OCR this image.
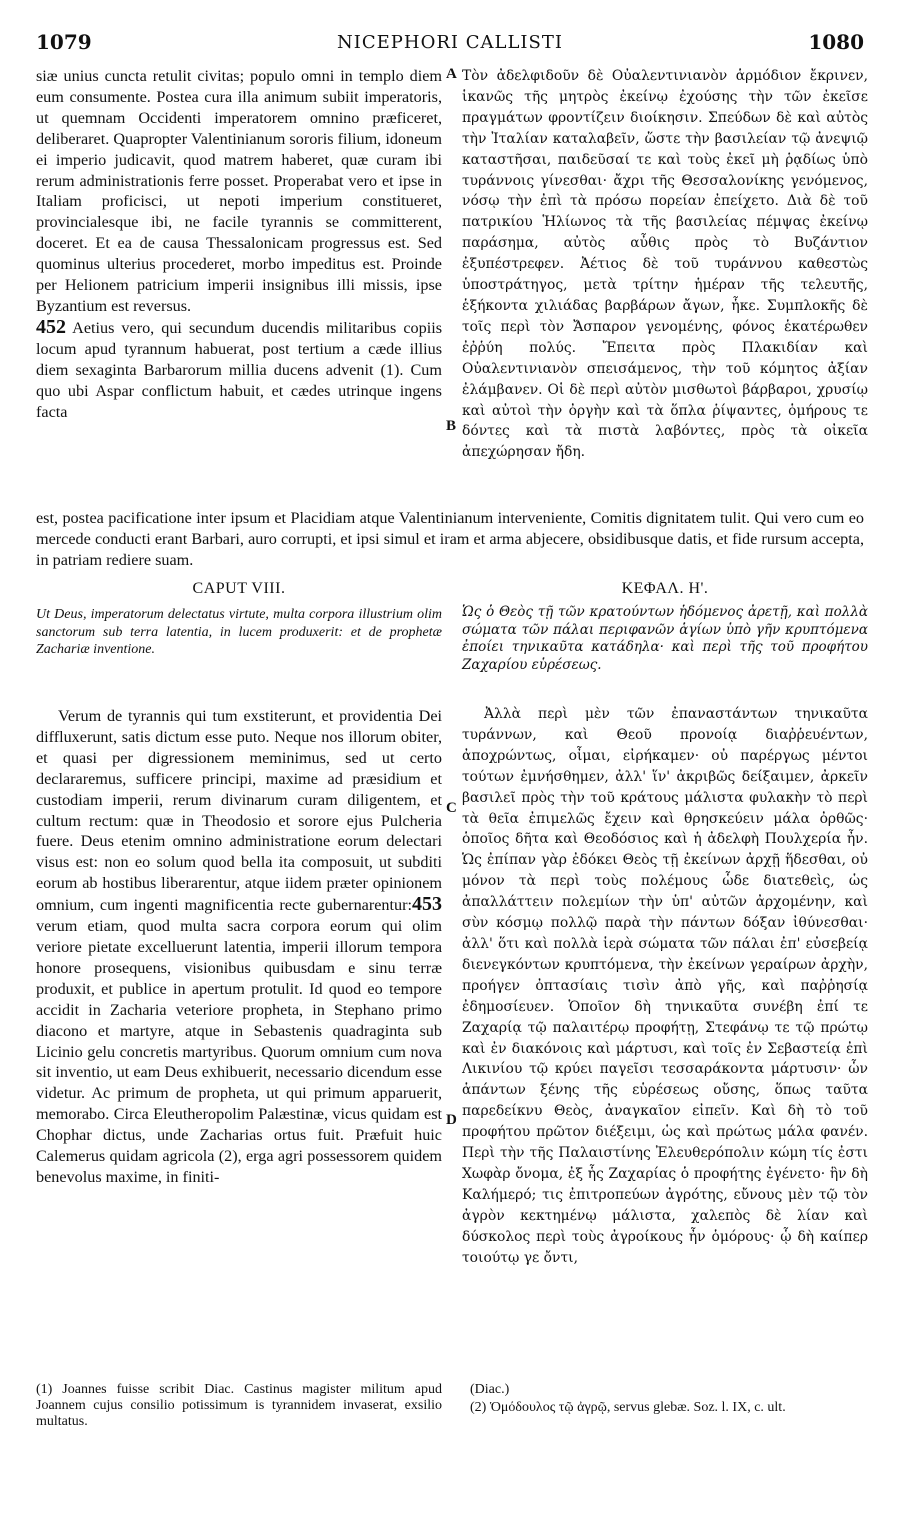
1079	NICEPHORI CALLISTI	1080

siæ unius cuncta retulit civitas; populo omni in templo diem eum consumente. Postea cura illa animum subiit imperatoris, ut quemnam Occidenti imperatorem omnino præficeret, deliberaret. Quapropter Valentinianum sororis filium, idoneum ei imperio judicavit, quod matrem haberet, quæ curam ibi rerum administrationis ferre posset. Properabat vero et ipse in Italiam proficisci, ut nepoti imperium constitueret, provincialesque ibi, ne facile tyrannis se committerent, doceret. Et ea de causa Thessalonicam progressus est. Sed quominus ulterius procederet, morbo impeditus est. Proinde per Helionem patricium imperii insignibus illi missis, ipse Byzantium est reversus.

452 Aetius vero, qui secundum ducendis militaribus copiis locum apud tyrannum habuerat, post tertium a cæde illius diem sexaginta Barbarorum millia ducens advenit (1). Cum quo ubi Aspar conflictum habuit, et cædes utrinque ingens facta

Τὸν ἀδελφιδοῦν δὲ Οὐαλεντινιανὸν ἁρμόδιον ἔκρινεν, ἱκανῶς τῆς μητρὸς ἐκείνῳ ἐχούσης τὴν τῶν ἐκεῖσε πραγμάτων φροντίζειν διοίκησιν. Σπεύδων δὲ καὶ αὐτὸς τὴν Ἰταλίαν καταλαβεῖν, ὥστε τὴν βασιλείαν τῷ ἀνεψιῷ καταστῆσαι, παιδεῦσαί τε καὶ τοὺς ἐκεῖ μὴ ῥᾳδίως ὑπὸ τυράννοις γίνεσθαι· ἄχρι τῆς Θεσσαλονίκης γενόμενος, νόσῳ τὴν ἐπὶ τὰ πρόσω πορείαν ἐπείχετο. Διὰ δὲ τοῦ πατρικίου Ἡλίωνος τὰ τῆς βασιλείας πέμψας ἐκείνῳ παράσημα, αὐτὸς αὖθις πρὸς τὸ Βυζάντιον ἐξυπέστρεφεν. Ἀέτιος δὲ τοῦ τυράννου καθεστὼς ὑποστράτηγος, μετὰ τρίτην ἡμέραν τῆς τελευτῆς, ἑξήκοντα χιλιάδας βαρβάρων ἄγων, ἧκε. Συμπλοκῆς δὲ τοῖς περὶ τὸν Ἄσπαρον γενομένης, φόνος ἑκατέρωθεν ἐῤῥύη πολύς. Ἔπειτα πρὸς Πλακιδίαν καὶ Οὐαλεντινιανὸν σπεισάμενος, τὴν τοῦ κόμητος ἀξίαν ἐλάμβανεν. Οἱ δὲ περὶ αὐτὸν μισθωτοὶ βάρβαροι, χρυσίῳ καὶ αὐτοὶ τὴν ὀργὴν καὶ τὰ ὅπλα ῥίψαντες, ὁμήρους τε δόντες καὶ τὰ πιστὰ λαβόντες, πρὸς τὰ οἰκεῖα ἀπεχώρησαν ἤδη.

A
B
est, postea pacificatione inter ipsum et Placidiam atque Valentinianum interveniente, Comitis dignitatem tulit. Qui vero cum eo mercede conducti erant Barbari, auro corrupti, et ipsi simul et iram et arma abjecere, obsidibusque datis, et fide rursum accepta, in patriam rediere suam.
CAPUT VIII.	ΚΕΦΑΛ. Η'.
Ut Deus, imperatorum delectatus virtute, multa corpora illustrium olim sanctorum sub terra latentia, in lucem produxerit: et de prophetæ Zachariæ inventione.
Ὡς ὁ Θεὸς τῇ τῶν κρατούντων ἡδόμενος ἀρετῇ, καὶ πολλὰ σώματα τῶν πάλαι περιφανῶν ἁγίων ὑπὸ γῆν κρυπτόμενα ἐποίει τηνικαῦτα κατάδηλα· καὶ περὶ τῆς τοῦ προφήτου Ζαχαρίου εὑρέσεως.

Verum de tyrannis qui tum exstiterunt, et providentia Dei diffluxerunt, satis dictum esse puto. Neque nos illorum obiter, et quasi per digressionem meminimus, sed ut certo declararemus, sufficere principi, maxime ad præsidium et custodiam imperii, rerum divinarum curam diligentem, et cultum rectum: quæ in Theodosio et sorore ejus Pulcheria fuere. Deus etenim omnino administratione eorum delectari visus est: non eo solum quod bella ita composuit, ut subditi eorum ab hostibus liberarentur, atque iidem præter opinionem omnium, cum ingenti magnificentia recte gubernarentur:453 verum etiam, quod multa sacra corpora eorum qui olim veriore pietate excelluerunt latentia, imperii illorum tempora honore prosequens, visionibus quibusdam e sinu terræ produxit, et publice in apertum protulit. Id quod eo tempore accidit in Zacharia veteriore propheta, in Stephano primo diacono et martyre, atque in Sebastenis quadraginta sub Licinio gelu concretis martyribus. Quorum omnium cum nova sit inventio, ut eam Deus exhibuerit, necessario dicendum esse videtur. Ac primum de propheta, ut qui primum apparuerit, memorabo. Circa Eleutheropolim Palæstinæ, vicus quidam est Chophar dictus, unde Zacharias ortus fuit. Præfuit huic Calemerus quidam agricola (2), erga agri possessorem quidem benevolus maxime, in finiti-

Ἀλλὰ περὶ μὲν τῶν ἐπαναστάντων τηνικαῦτα τυράννων, καὶ Θεοῦ προνοίᾳ διαῤῥευέντων, ἀποχρώντως, οἶμαι, εἰρήκαμεν· οὐ παρέργως μέντοι τούτων ἐμνήσθημεν, ἀλλ' ἵν' ἀκριβῶς δείξαιμεν, ἀρκεῖν βασιλεῖ πρὸς τὴν τοῦ κράτους μάλιστα φυλακὴν τὸ περὶ τὰ θεῖα ἐπιμελῶς ἔχειν καὶ θρησκεύειν μάλα ὀρθῶς· ὁποῖος δῆτα καὶ Θεοδόσιος καὶ ἡ ἀδελφὴ Πουλχερία ἦν. Ὡς ἐπίπαν γὰρ ἐδόκει Θεὸς τῇ ἐκείνων ἀρχῇ ἥδεσθαι, οὐ μόνον τὰ περὶ τοὺς πολέμους ὧδε διατεθεὶς, ὡς ἀπαλλάττειν πολεμίων τὴν ὑπ' αὐτῶν ἀρχομένην, καὶ σὺν κόσμῳ πολλῷ παρὰ τὴν πάντων δόξαν ἰθύνεσθαι· ἀλλ' ὅτι καὶ πολλὰ ἱερὰ σώματα τῶν πάλαι ἐπ' εὐσεβείᾳ διενεγκόντων κρυπτόμενα, τὴν ἐκείνων γεραίρων ἀρχὴν, προήγεν ὀπτασίαις τισὶν ἀπὸ γῆς, καὶ παῤῥησίᾳ ἐδημοσίευεν. Ὁποῖον δὴ τηνικαῦτα συνέβη ἐπί τε Ζαχαρίᾳ τῷ παλαιτέρῳ προφήτῃ, Στεφάνῳ τε τῷ πρώτῳ καὶ ἐν διακόνοις καὶ μάρτυσι, καὶ τοῖς ἐν Σεβαστείᾳ ἐπὶ Λικινίου τῷ κρύει παγεῖσι τεσσαράκοντα μάρτυσιν· ὧν ἁπάντων ξένης τῆς εὑρέσεως οὔσης, ὅπως ταῦτα παρεδείκνυ Θεὸς, ἀναγκαῖον εἰπεῖν. Καὶ δὴ τὸ τοῦ προφήτου πρῶτον διέξειμι, ὡς καὶ πρώτως μάλα φανέν. Περὶ τὴν τῆς Παλαιστίνης Ἐλευθερόπολιν κώμη τίς ἐστι Χωφὰρ ὄνομα, ἐξ ἧς Ζαχαρίας ὁ προφήτης ἐγένετο· ἣν δὴ Καλήμερό; τις ἐπιτροπεύων ἀγρότης, εὔνους μὲν τῷ τὸν ἀγρὸν κεκτημένῳ μάλιστα, χαλεπὸς δὲ λίαν καὶ δύσκολος περὶ τοὺς ἀγροίκους ἦν ὁμόρους· ᾧ δὴ καίπερ τοιούτῳ γε ὄντι,

C
D
(1) Joannes fuisse scribit Diac. Castinus magister militum apud Joannem cujus consilio potissimum is tyrannidem invaserat, exsilio multatus.
(Diac.)
(2) Ὁμόδουλος τῷ ἀγρῷ, servus glebæ. Soz. l. IX, c. ult.
